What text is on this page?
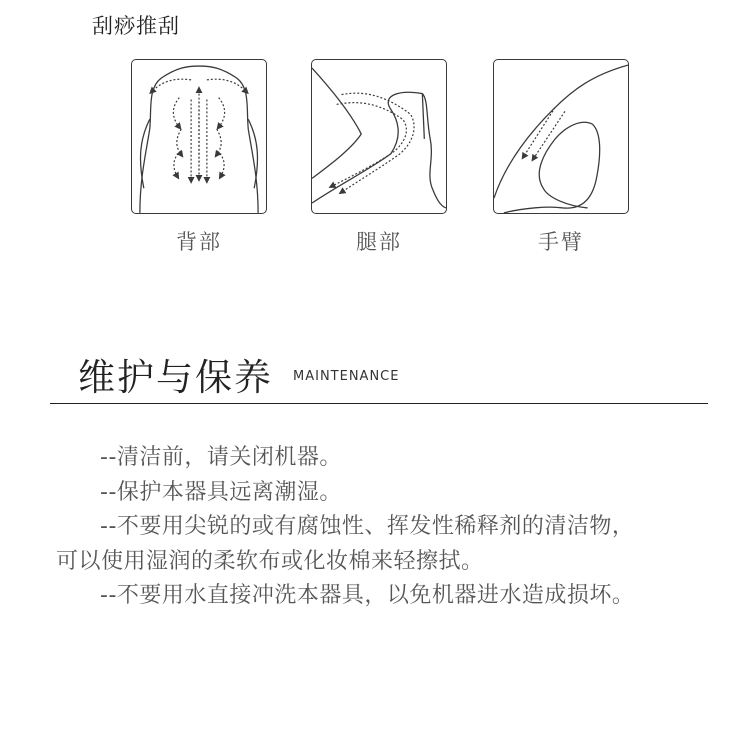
刮痧推刮
背部	腿部	手臂
维护与保养 MAINTENANCE

--清洁前，请关闭机器。

--保护本器具远离潮湿。

--不要用尖锐的或有腐蚀性、挥发性稀释剂的清洁物，可以使用湿润的柔软布或化妆棉来轻擦拭。

--不要用水直接冲洗本器具，以免机器进水造成损坏。
